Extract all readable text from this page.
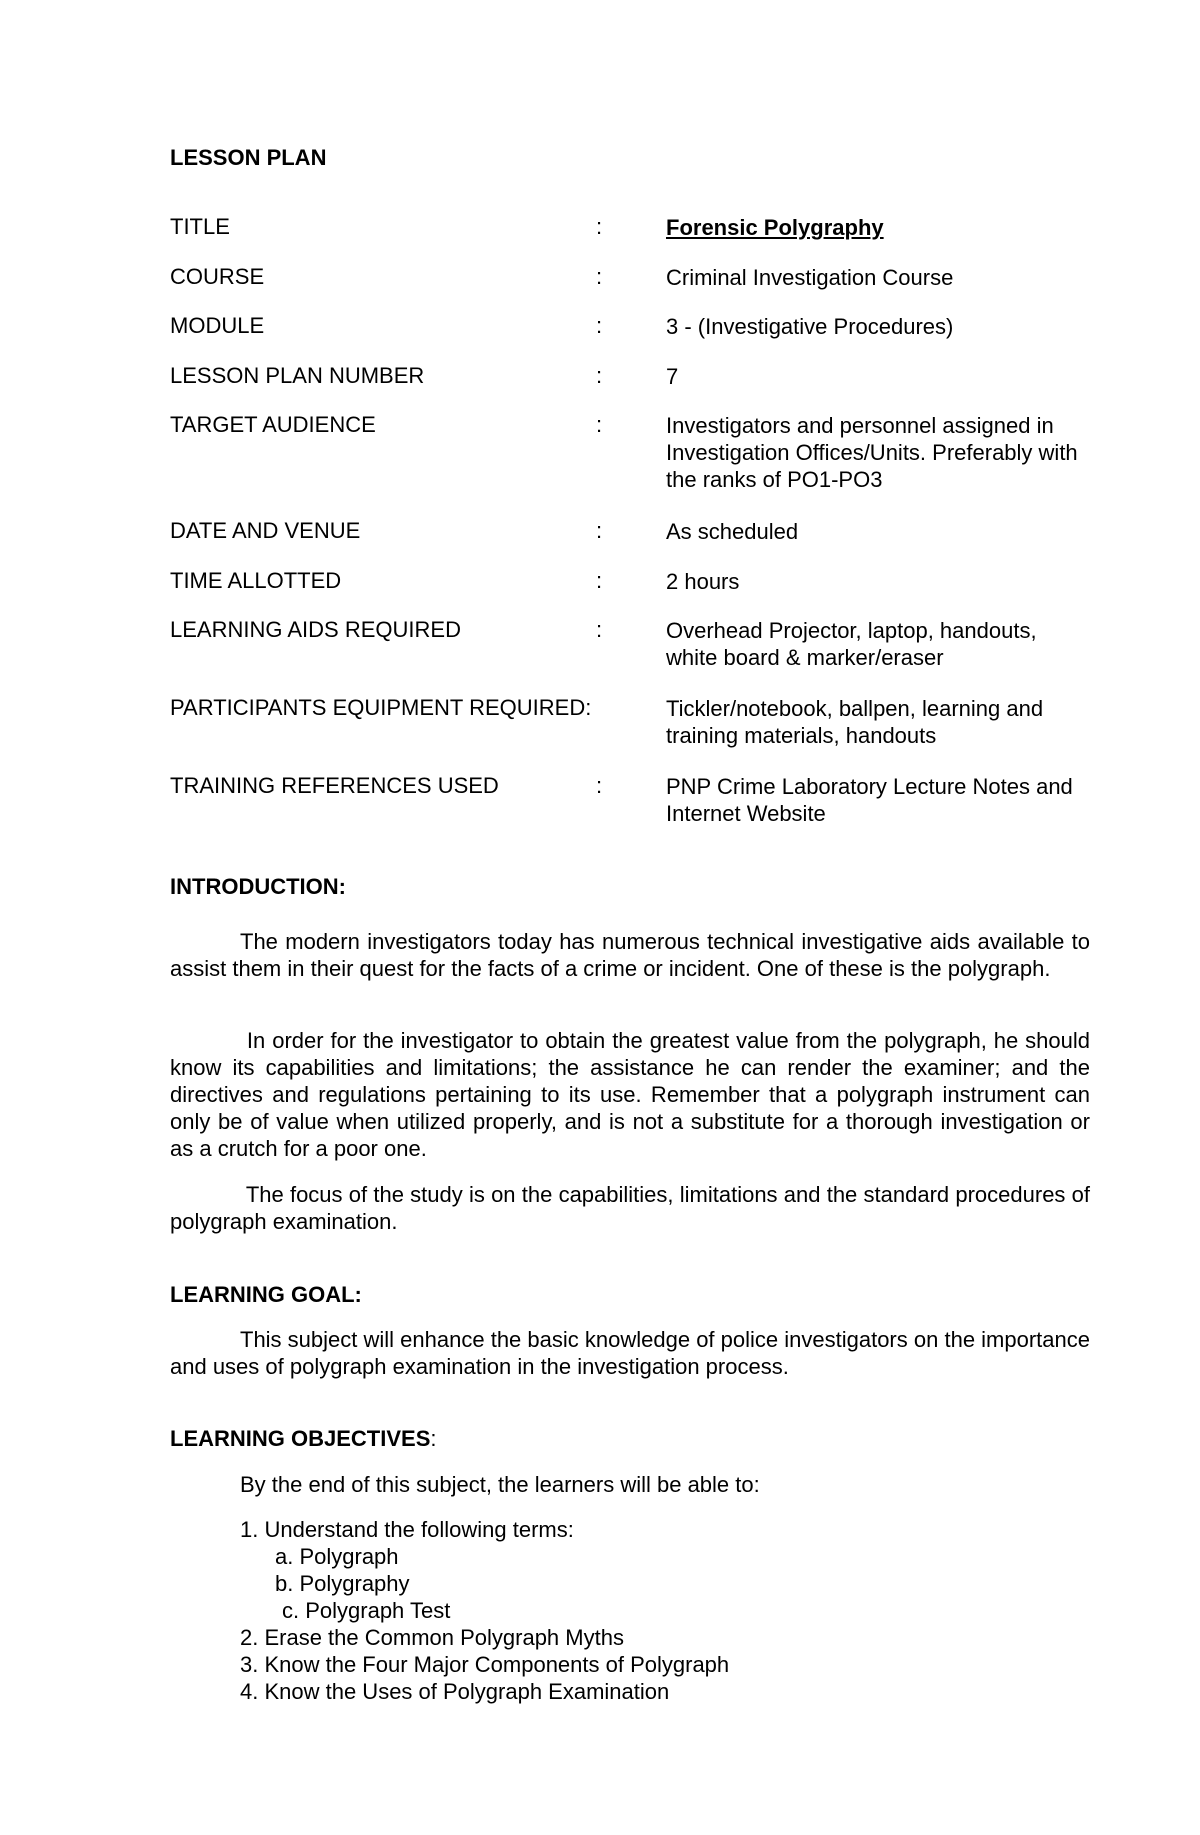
LESSON PLAN
TITLE	:	Forensic Polygraphy
COURSE	:	Criminal Investigation Course
MODULE	:	3 - (Investigative Procedures)
LESSON PLAN NUMBER	:	7
TARGET AUDIENCE	:	Investigators and personnel assigned in Investigation Offices/Units. Preferably with the ranks of PO1-PO3
DATE AND VENUE	:	As scheduled
TIME ALLOTTED	:	2 hours
LEARNING AIDS REQUIRED	:	Overhead Projector, laptop, handouts, white board & marker/eraser
PARTICIPANTS EQUIPMENT REQUIRED:	Tickler/notebook, ballpen, learning and training materials, handouts
TRAINING REFERENCES USED	:	PNP Crime Laboratory Lecture Notes and Internet Website
INTRODUCTION:
The modern investigators today has numerous technical investigative aids available to assist them in their quest for the facts of a crime or incident. One of these is the polygraph.
In order for the investigator to obtain the greatest value from the polygraph, he should know its capabilities and limitations; the assistance he can render the examiner; and the directives and regulations pertaining to its use. Remember that a polygraph instrument can only be of value when utilized properly, and is not a substitute for a thorough investigation or as a crutch for a poor one.
The focus of the study is on the capabilities, limitations and the standard procedures of polygraph examination.
LEARNING GOAL:
This subject will enhance the basic knowledge of police investigators on the importance and uses of polygraph examination in the investigation process.
LEARNING OBJECTIVES:
By the end of this subject, the learners will be able to:
1. Understand the following terms:
a. Polygraph
b. Polygraphy
c. Polygraph Test
2. Erase the Common Polygraph Myths
3. Know the Four Major Components of Polygraph
4. Know the Uses of Polygraph Examination
